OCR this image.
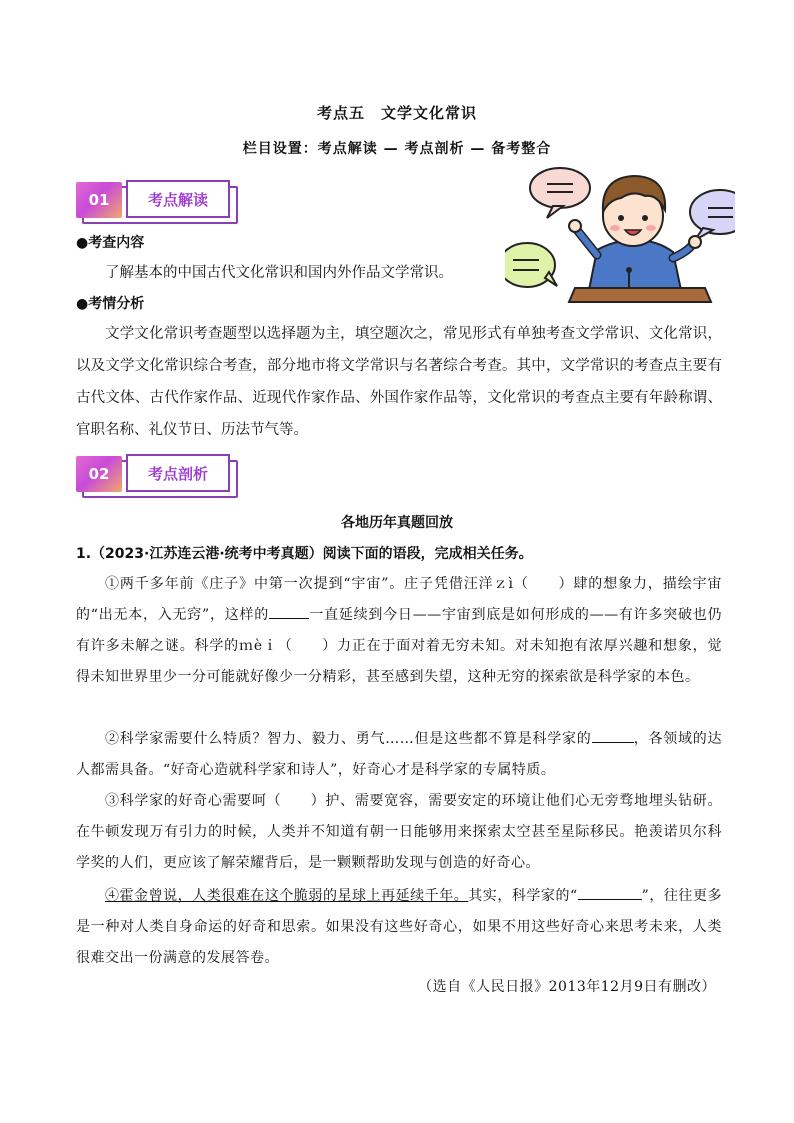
考点五　文学文化常识
栏目设置：考点解读 — 考点剖析 — 备考整合
01	考点解读
●考查内容
了解基本的中国古代文化常识和国内外作品文学常识。
●考情分析
文学文化常识考查题型以选择题为主，填空题次之，常见形式有单独考查文学常识、文化常识，以及文学文化常识综合考查，部分地市将文学常识与名著综合考查。其中，文学常识的考查点主要有古代文体、古代作家作品、近现代作家作品、外国作家作品等，文化常识的考查点主要有年龄称谓、官职名称、礼仪节日、历法节气等。
02	考点剖析
各地历年真题回放
1.（2023·江苏连云港·统考中考真题）阅读下面的语段，完成相关任务。
①两千多年前《庄子》中第一次提到“宇宙”。庄子凭借汪洋ｚì（　　）肆的想象力，描绘宇宙的“出无本，入无窍”，这样的	一直延续到今日——宇宙到底是如何形成的——有许多突破也仍有许多未解之谜。科学的ｍèｉ（　　）力正在于面对着无穷未知。对未知抱有浓厚兴趣和想象，觉得未知世界里少一分可能就好像少一分精彩，甚至感到失望，这种无穷的探索欲是科学家的本色。
②科学家需要什么特质？智力、毅力、勇气……但是这些都不算是科学家的	，各领域的达人都需具备。“好奇心造就科学家和诗人”，好奇心才是科学家的专属特质。
③科学家的好奇心需要呵（　　）护、需要宽容，需要安定的环境让他们心无旁骛地埋头钻研。在牛顿发现万有引力的时候，人类并不知道有朝一日能够用来探索太空甚至星际移民。艳羡诺贝尔科学奖的人们，更应该了解荣耀背后，是一颗颗帮助发现与创造的好奇心。
④霍金曾说，人类很难在这个脆弱的星球上再延续千年。其实，科学家的“	”，往往更多是一种对人类自身命运的好奇和思索。如果没有这些好奇心，如果不用这些好奇心来思考未来，人类很难交出一份满意的发展答卷。
（选自《人民日报》2013年12月9日有删改）
